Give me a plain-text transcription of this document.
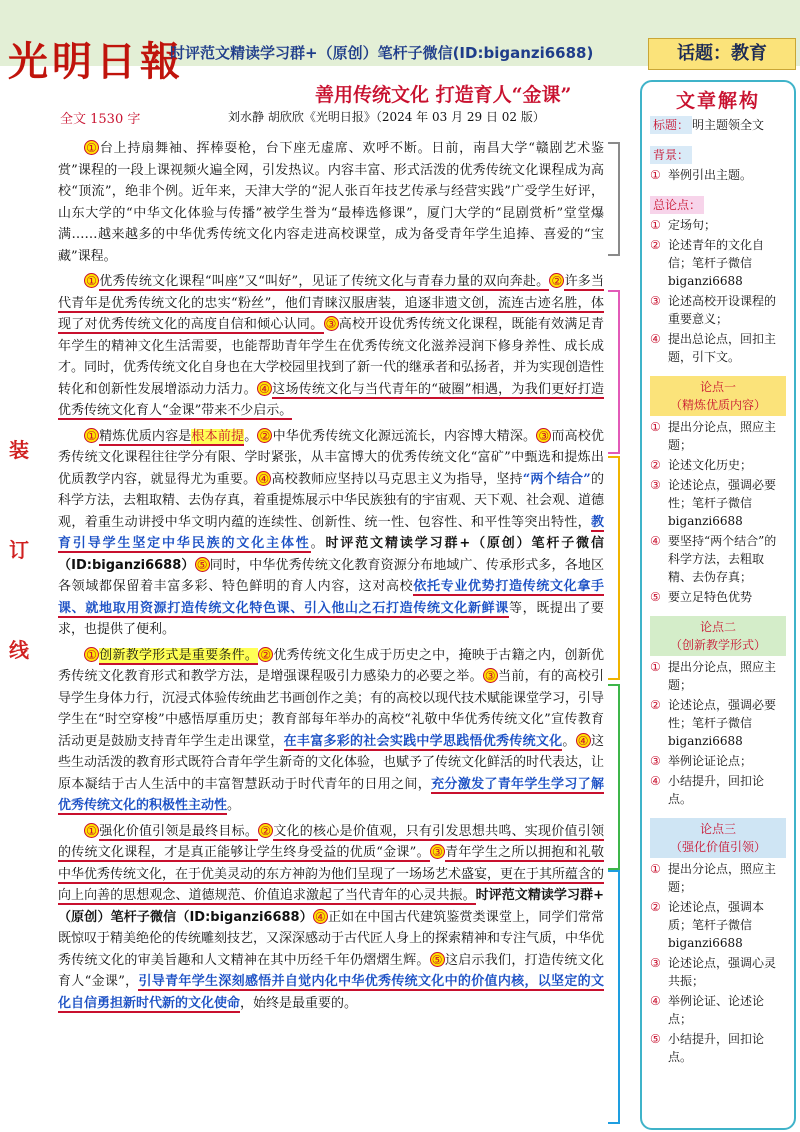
光明日報
时评范文精读学习群+（原创）笔杆子微信(ID:biganzi6688)	话题：教育
善用传统文化 打造育人“金课”
全文 1530 字	刘水静 胡欣欣《光明日报》（2024 年 03 月 29 日 02 版）
装
订
线

① 台上持扇舞袖、挥棒耍枪，台下座无虚席、欢呼不断。日前，南昌大学“赣剧艺术鉴赏”课程的一段上课视频火遍全网，引发热议。内容丰富、形式活泼的优秀传统文化课程成为高校“顶流”，绝非个例。近年来，天津大学的“泥人张百年技艺传承与经营实践”广受学生好评，山东大学的“中华文化体验与传播”被学生誉为“最棒选修课”，厦门大学的“昆剧赏析”堂堂爆满……越来越多的中华优秀传统文化内容走进高校课堂，成为备受青年学生追捧、喜爱的“宝藏”课程。

① 优秀传统文化课程“叫座”又“叫好”，见证了传统文化与青春力量的双向奔赴。 ② 许多当代青年是优秀传统文化的忠实“粉丝”，他们青睐汉服唐装，追逐非遗文创，流连古迹名胜，体现了对优秀传统文化的高度自信和倾心认同。 ③ 高校开设优秀传统文化课程，既能有效满足青年学生的精神文化生活需要，也能帮助青年学生在优秀传统文化滋养浸润下修身养性、成长成才。同时，优秀传统文化自身也在大学校园里找到了新一代的继承者和弘扬者，并为实现创造性转化和创新性发展增添动力活力。 ④ 这场传统文化与当代青年的“破圈”相遇，为我们更好打造优秀传统文化育人“金课”带来不少启示。

① 精炼优质内容是根本前提。 ② 中华优秀传统文化源远流长，内容博大精深。 ③ 而高校优秀传统文化课程往往学分有限、学时紧张，从丰富博大的优秀传统文化“富矿”中甄选和提炼出优质教学内容，就显得尤为重要。 ④ 高校教师应坚持以马克思主义为指导，坚持“两个结合”的科学方法，去粗取精、去伪存真，着重提炼展示中华民族独有的宇宙观、天下观、社会观、道德观，着重生动讲授中华文明内蕴的连续性、创新性、统一性、包容性、和平性等突出特性，教育引导学生坚定中华民族的文化主体性。时评范文精读学习群+（原创）笔杆子微信（ID:biganzi6688） ⑤ 同时，中华优秀传统文化教育资源分布地域广、传承形式多，各地区各领域都保留着丰富多彩、特色鲜明的育人内容，这对高校依托专业优势打造传统文化拿手课、就地取用资源打造传统文化特色课、引入他山之石打造传统文化新鲜课等，既提出了要求，也提供了便利。

① 创新教学形式是重要条件。 ② 优秀传统文化生成于历史之中，掩映于古籍之内，创新优秀传统文化教育形式和教学方法，是增强课程吸引力感染力的必要之举。 ③ 当前，有的高校引导学生身体力行，沉浸式体验传统曲艺书画创作之美；有的高校以现代技术赋能课堂学习，引导学生在“时空穿梭”中感悟厚重历史；教育部每年举办的高校“礼敬中华优秀传统文化”宣传教育活动更是鼓励支持青年学生走出课堂，在丰富多彩的社会实践中学思践悟优秀传统文化。 ④ 这些生动活泼的教育形式既符合青年学生新奇的文化体验，也赋予了传统文化鲜活的时代表达，让原本凝结于古人生活中的丰富智慧跃动于时代青年的日用之间，充分激发了青年学生学习了解优秀传统文化的积极性主动性。

① 强化价值引领是最终目标。 ② 文化的核心是价值观，只有引发思想共鸣、实现价值引领的传统文化课程，才是真正能够让学生终身受益的优质“金课”。 ③ 青年学生之所以拥抱和礼敬中华优秀传统文化，在于优美灵动的东方神韵为他们呈现了一场场艺术盛宴，更在于其所蕴含的向上向善的思想观念、道德规范、价值追求激起了当代青年的心灵共振。时评范文精读学习群+（原创）笔杆子微信（ID:biganzi6688） ④ 正如在中国古代建筑鉴赏类课堂上，同学们常常既惊叹于精美绝伦的传统雕刻技艺，又深深感动于古代匠人身上的探索精神和专注气质，中华优秀传统文化的审美旨趣和人文精神在其中历经千年仍熠熠生辉。 ⑤ 这启示我们，打造传统文化育人“金课”，引导青年学生深刻感悟并自觉内化中华优秀传统文化中的价值内核，以坚定的文化自信勇担新时代新的文化使命，始终是最重要的。

文章解构
标题： 明主题领全文
背景：
① 举例引出主题。
总论点：
① 定场句；
② 论述青年的文化自信；笔杆子微信 biganzi6688
③ 论述高校开设课程的重要意义；
④ 提出总论点，回扣主题，引下文。
论点一
（精炼优质内容）
① 提出分论点，照应主题；
② 论述文化历史；
③ 论述论点，强调必要性；笔杆子微信 biganzi6688
④ 要坚持“两个结合”的科学方法，去粗取精、去伪存真；
⑤ 要立足特色优势
论点二
（创新教学形式）
① 提出分论点，照应主题；
② 论述论点，强调必要性；笔杆子微信 biganzi6688
③ 举例论证论点；
④ 小结提升，回扣论点。
论点三
（强化价值引领）
① 提出分论点，照应主题；
② 论述论点，强调本质；笔杆子微信 biganzi6688
③ 论述论点，强调心灵共振；
④ 举例论证、论述论点；
⑤ 小结提升，回扣论点。
